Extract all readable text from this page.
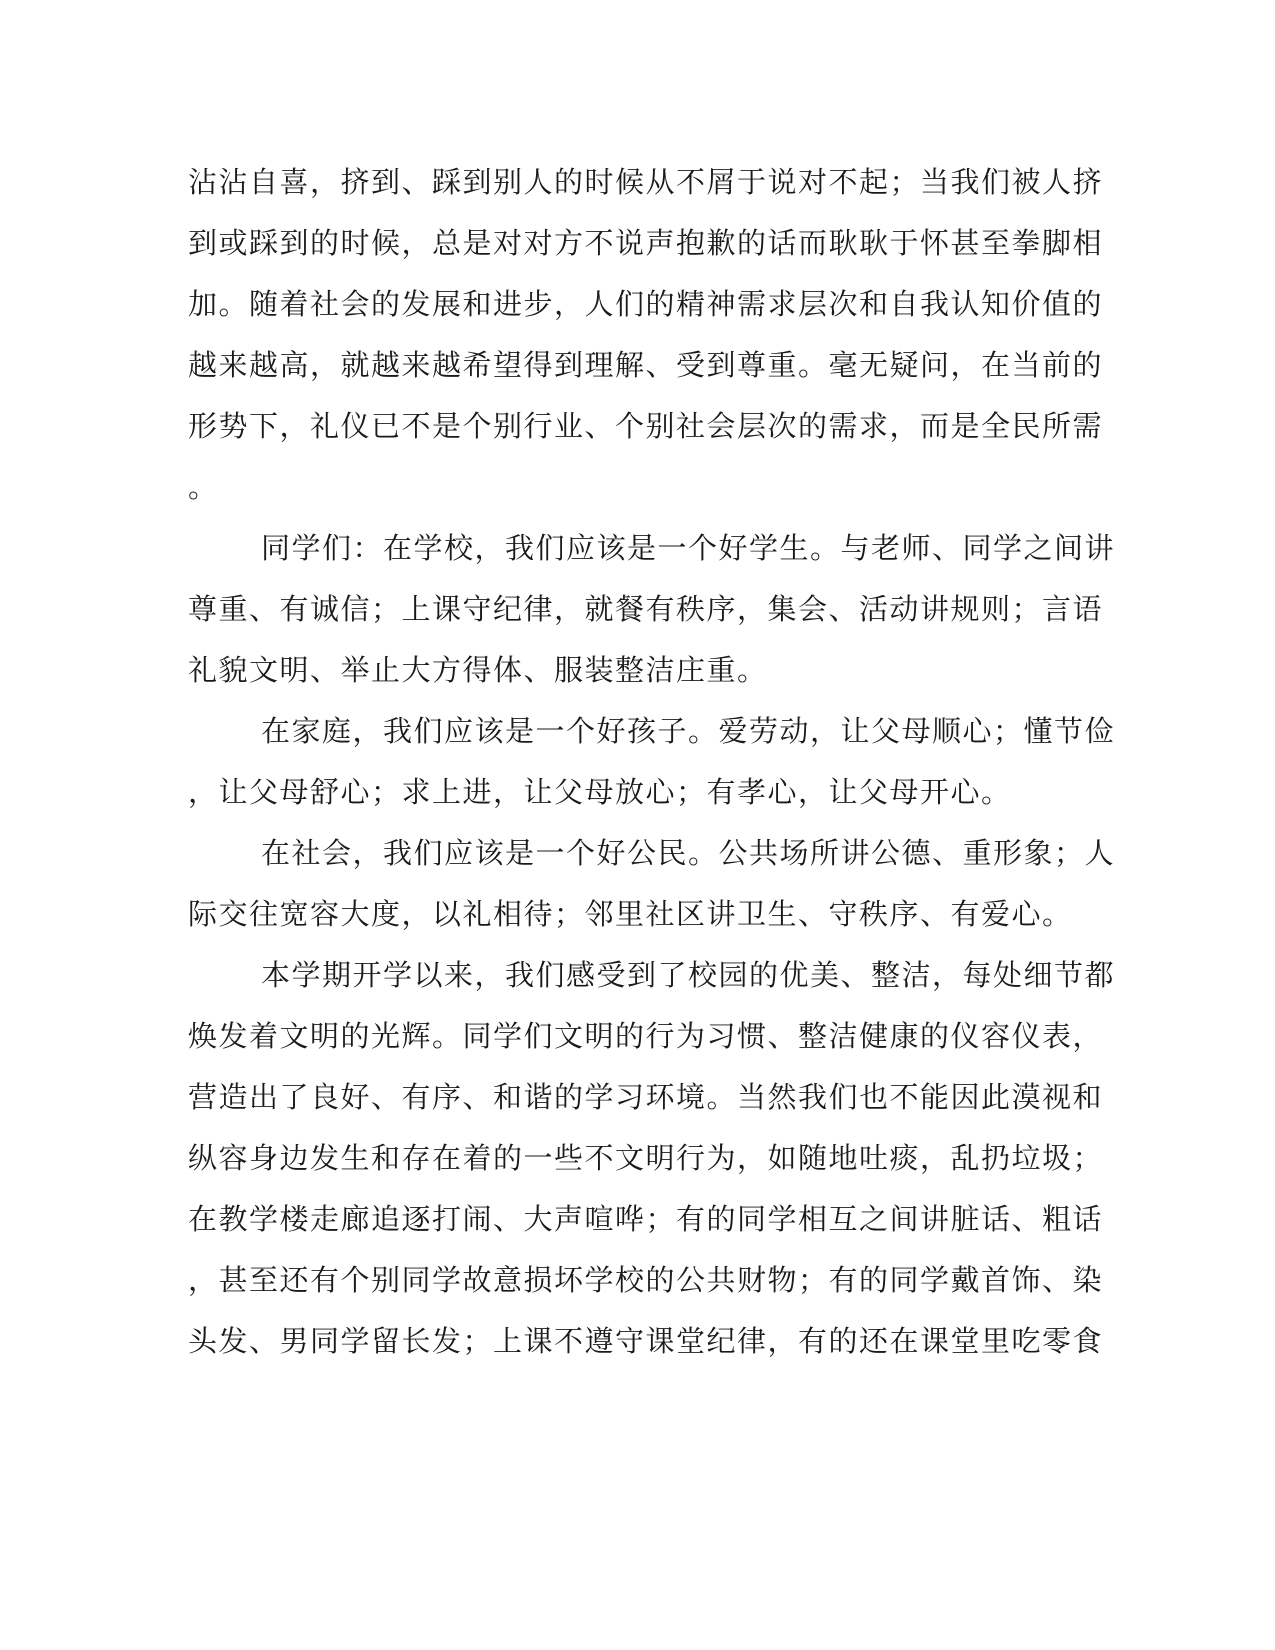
沾沾自喜，挤到、踩到别人的时候从不屑于说对不起；当我们被人挤
到或踩到的时候，总是对对方不说声抱歉的话而耿耿于怀甚至拳脚相
加。随着社会的发展和进步，人们的精神需求层次和自我认知价值的
越来越高，就越来越希望得到理解、受到尊重。毫无疑问，在当前的
形势下，礼仪已不是个别行业、个别社会层次的需求，而是全民所需
。
同学们：在学校，我们应该是一个好学生。与老师、同学之间讲
尊重、有诚信；上课守纪律，就餐有秩序，集会、活动讲规则；言语
礼貌文明、举止大方得体、服装整洁庄重。
在家庭，我们应该是一个好孩子。爱劳动，让父母顺心；懂节俭
，让父母舒心；求上进，让父母放心；有孝心，让父母开心。
在社会，我们应该是一个好公民。公共场所讲公德、重形象；人
际交往宽容大度，以礼相待；邻里社区讲卫生、守秩序、有爱心。
本学期开学以来，我们感受到了校园的优美、整洁，每处细节都
焕发着文明的光辉。同学们文明的行为习惯、整洁健康的仪容仪表，
营造出了良好、有序、和谐的学习环境。当然我们也不能因此漠视和
纵容身边发生和存在着的一些不文明行为，如随地吐痰，乱扔垃圾；
在教学楼走廊追逐打闹、大声喧哗；有的同学相互之间讲脏话、粗话
，甚至还有个别同学故意损坏学校的公共财物；有的同学戴首饰、染
头发、男同学留长发；上课不遵守课堂纪律，有的还在课堂里吃零食
